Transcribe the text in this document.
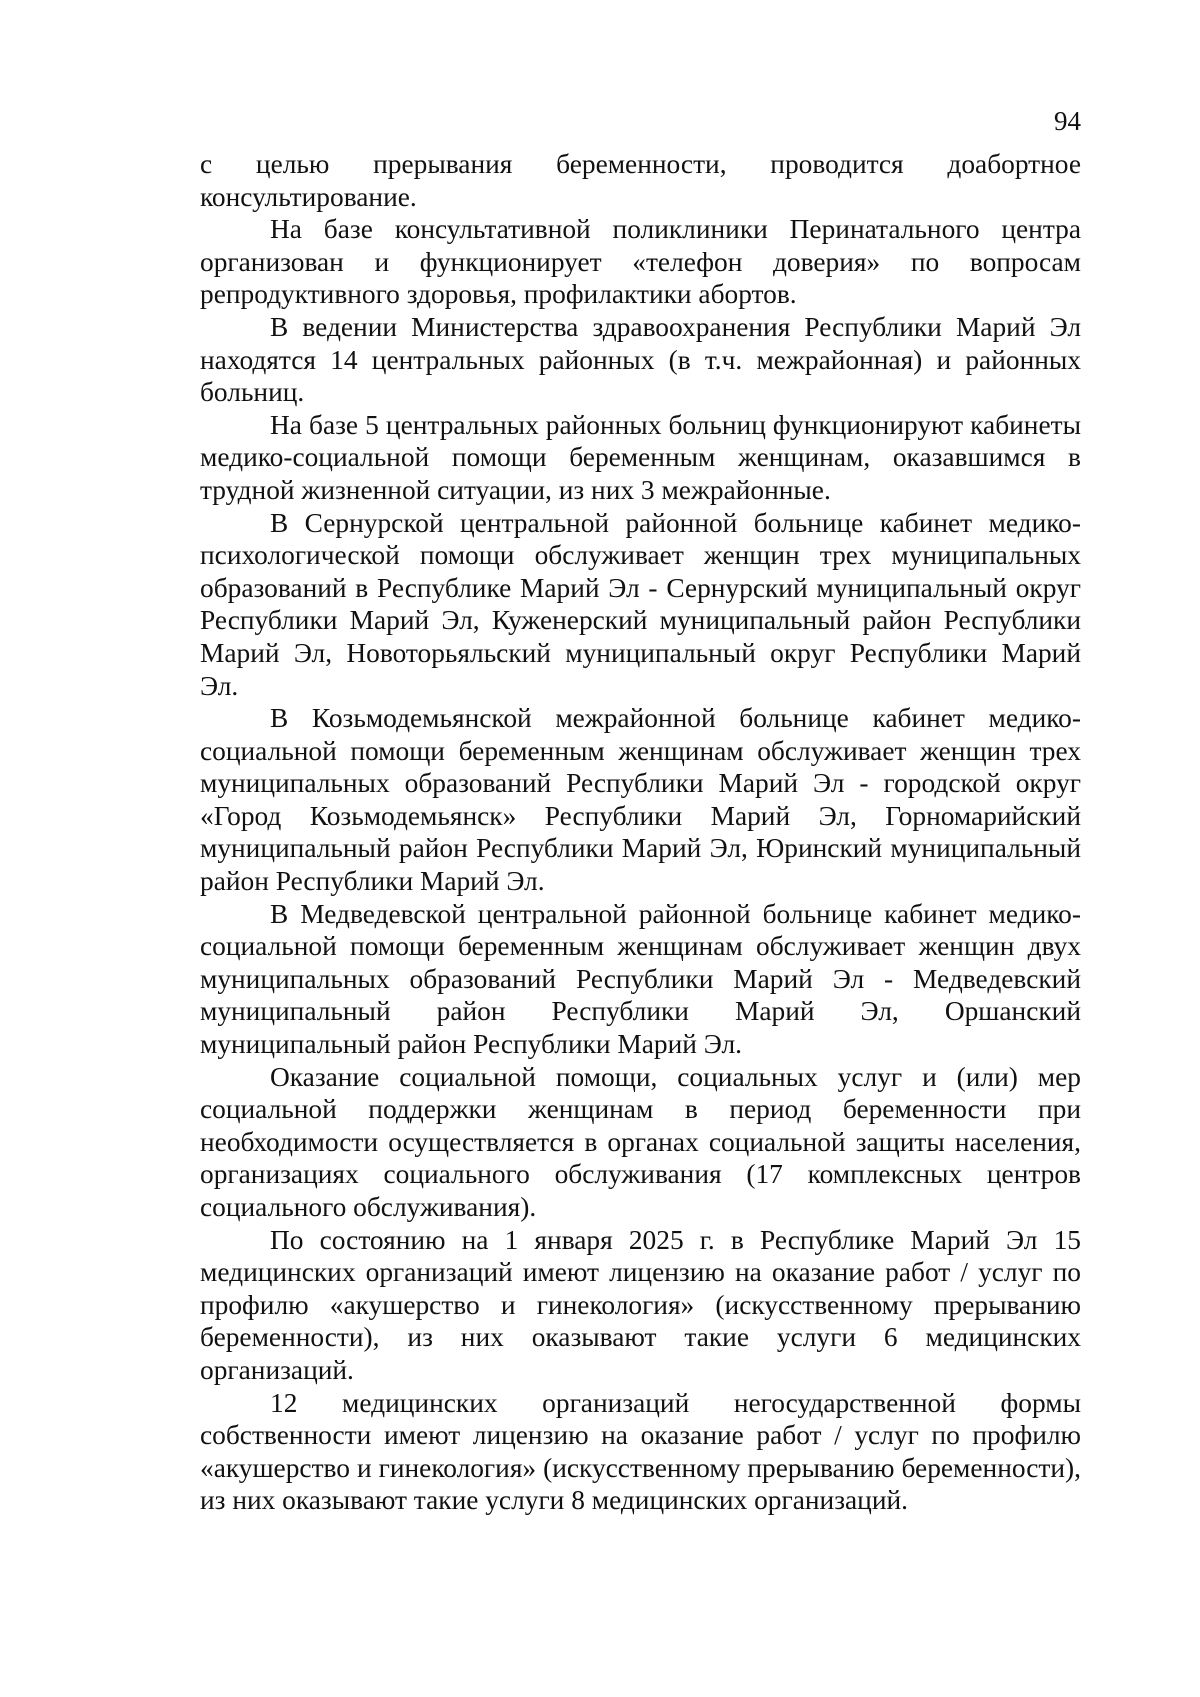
94

с целью прерывания беременности, проводится доабортное консультирование.

На базе консультативной поликлиники Перинатального центра организован и функционирует «телефон доверия» по вопросам репродуктивного здоровья, профилактики абортов.

В ведении Министерства здравоохранения Республики Марий Эл находятся 14 центральных районных (в т.ч. межрайонная) и районных больниц.

На базе 5 центральных районных больниц функционируют кабинеты медико-социальной помощи беременным женщинам, оказавшимся в трудной жизненной ситуации, из них 3 межрайонные.

В Сернурской центральной районной больнице кабинет медико-психологической помощи обслуживает женщин трех муниципальных образований в Республике Марий Эл - Сернурский муниципальный округ Республики Марий Эл, Куженерский муниципальный район Республики Марий Эл, Новоторьяльский муниципальный округ Республики Марий Эл.

В Козьмодемьянской межрайонной больнице кабинет медико-социальной помощи беременным женщинам обслуживает женщин трех муниципальных образований Республики Марий Эл - городской округ «Город Козьмодемьянск» Республики Марий Эл, Горномарийский муниципальный район Республики Марий Эл, Юринский муниципальный район Республики Марий Эл.

В Медведевской центральной районной больнице кабинет медико-социальной помощи беременным женщинам обслуживает женщин двух муниципальных образований Республики Марий Эл - Медведевский муниципальный район Республики Марий Эл, Оршанский муниципальный район Республики Марий Эл.

Оказание социальной помощи, социальных услуг и (или) мер социальной поддержки женщинам в период беременности при необходимости осуществляется в органах социальной защиты населения, организациях социального обслуживания (17 комплексных центров социального обслуживания).

По состоянию на 1 января 2025 г. в Республике Марий Эл 15 медицинских организаций имеют лицензию на оказание работ / услуг по профилю «акушерство и гинекология» (искусственному прерыванию беременности), из них оказывают такие услуги 6 медицинских организаций.

12 медицинских организаций негосударственной формы собственности имеют лицензию на оказание работ / услуг по профилю «акушерство и гинекология» (искусственному прерыванию беременности), из них оказывают такие услуги 8 медицинских организаций.
